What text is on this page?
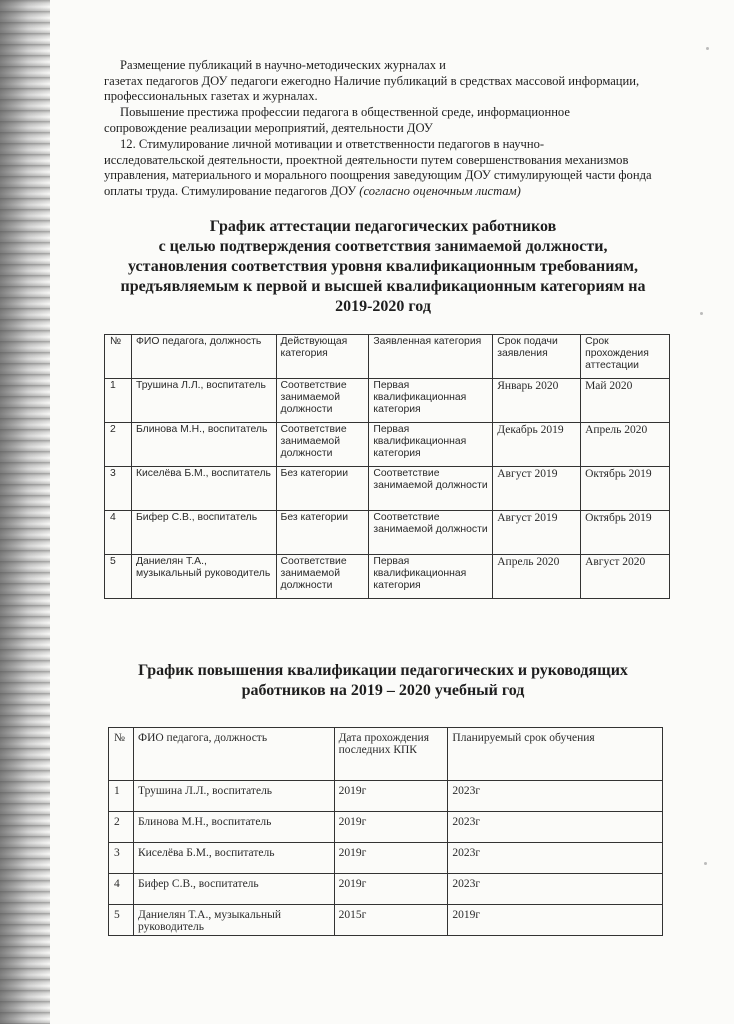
Размещение публикаций в научно-методических журналах и
газетах педагогов ДОУ педагоги ежегодно Наличие публикаций в средствах массовой информации, профессиональных газетах и журналах.
Повышение престижа профессии педагога в общественной среде, информационное
сопровождение реализации мероприятий, деятельности ДОУ
12. Стимулирование личной мотивации и ответственности педагогов в научно-
исследовательской деятельности, проектной деятельности путем совершенствования механизмов управления, материального и морального поощрения заведующим ДОУ стимулирующей части фонда оплаты труда. Стимулирование педагогов ДОУ (согласно оценочным листам)
График аттестации педагогических работников
с целью подтверждения соответствия занимаемой должности,
установления соответствия уровня квалификационным требованиям,
предъявляемым к первой и высшей квалификационным категориям на
2019-2020 год
№	ФИО педагога, должность	Действующая категория	Заявленная категория	Срок подачи заявления	Срок прохождения аттестации
1	Трушина Л.Л., воспитатель	Соответствие занимаемой должности	Первая квалификационная категория	Январь 2020	Май 2020
2	Блинова М.Н., воспитатель	Соответствие занимаемой должности	Первая квалификационная категория	Декабрь 2019	Апрель 2020
3	Киселёва Б.М., воспитатель	Без категории	Соответствие занимаемой должности	Август 2019	Октябрь 2019
4	Бифер С.В., воспитатель	Без категории	Соответствие занимаемой должности	Август 2019	Октябрь 2019
5	Даниелян Т.А., музыкальный руководитель	Соответствие занимаемой должности	Первая квалификационная категория	Апрель 2020	Август 2020
График повышения квалификации педагогических и руководящих
работников на 2019 – 2020 учебный год
№	ФИО педагога, должность	Дата прохождения последних КПК	Планируемый срок обучения
1	Трушина Л.Л., воспитатель	2019г	2023г
2	Блинова М.Н., воспитатель	2019г	2023г
3	Киселёва Б.М., воспитатель	2019г	2023г
4	Бифер С.В., воспитатель	2019г	2023г
5	Даниелян Т.А., музыкальный руководитель	2015г	2019г
